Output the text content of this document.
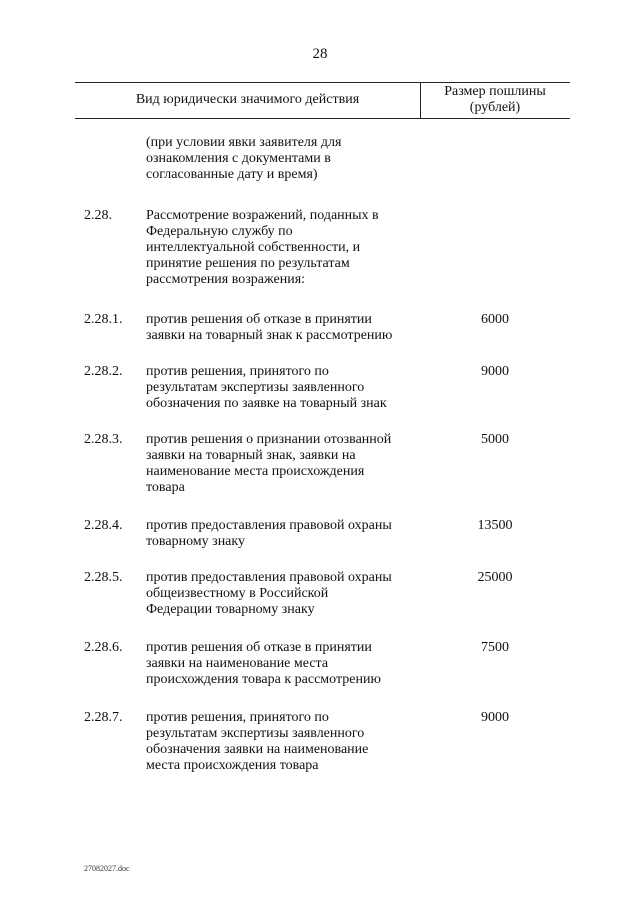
28
Вид юридически значимого действия
Размер пошлины
(рублей)
(при условии явки заявителя для
ознакомления с документами в
согласованные дату и время)
2.28.	Рассмотрение возражений, поданных в
Федеральную службу по
интеллектуальной собственности, и
принятие решения по результатам
рассмотрения возражения:
2.28.1.	против решения об отказе в принятии
заявки на товарный знак к рассмотрению
6000
2.28.2.	против решения, принятого по
результатам экспертизы заявленного
обозначения по заявке на товарный знак
9000
2.28.3.	против решения о признании отозванной
заявки на товарный знак, заявки на
наименование места происхождения
товара
5000
2.28.4.	против предоставления правовой охраны
товарному знаку
13500
2.28.5.	против предоставления правовой охраны
общеизвестному в Российской
Федерации товарному знаку
25000
2.28.6.	против решения об отказе в принятии
заявки на наименование места
происхождения товара к рассмотрению
7500
2.28.7.	против решения, принятого по
результатам экспертизы заявленного
обозначения заявки на наименование
места происхождения товара
9000
27082027.doc
